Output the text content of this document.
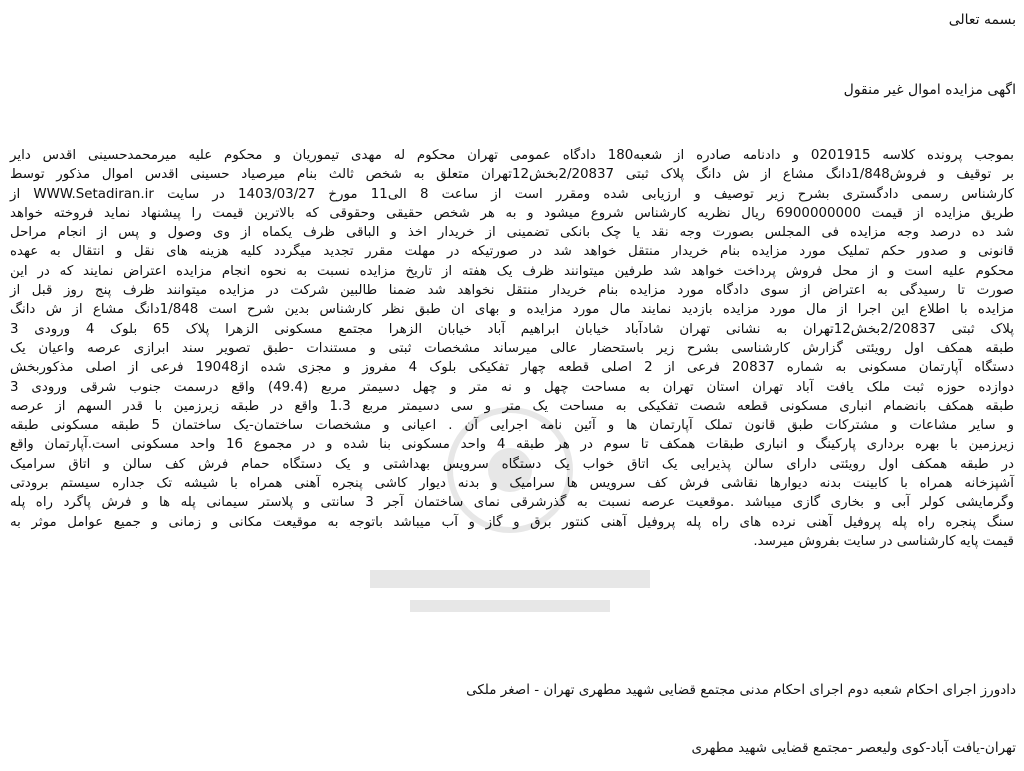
بسمه تعالی
اگهی مزایده اموال غیر منقول
بموجب پرونده کلاسه 0201915 و دادنامه صادره از شعبه180 دادگاه عمومی تهران محکوم له مهدی تیموریان و محکوم علیه میرمحمدحسینی اقدس دایر
بر توقیف و فروش1/848دانگ مشاع از ش دانگ پلاک ثبتی 2/20837بخش12تهران متعلق به شخص ثالث بنام میرصیاد حسینی اقدس اموال مذکور توسط
کارشناس رسمی دادگستری بشرح زیر توصیف و ارزیابی شده ومقرر است از ساعت 8 الی11 مورخ 1403/03/27 در سایت WWW.Setadiran.ir از
طریق مزایده از قیمت 6900000000 ریال نظریه کارشناس شروع میشود و به هر شخص حقیقی وحقوقی که بالاترین قیمت را پیشنهاد نماید فروخته خواهد
شد ده درصد وجه مزایده فی المجلس بصورت وجه نقد یا چک بانکی تضمینی از خریدار اخذ و الباقی ظرف یکماه از وی وصول و پس از انجام مراحل
قانونی و صدور حکم تملیک مورد مزایده بنام خریدار منتقل خواهد شد در صورتیکه در مهلت مقرر تجدید میگردد کلیه هزینه های نقل و انتقال به عهده
محکوم علیه است و از محل فروش پرداخت خواهد شد طرفین میتوانند ظرف یک هفته از تاریخ مزایده نسبت به نحوه انجام مزایده اعتراض نمایند که در این
صورت تا رسیدگی به اعتراض از سوی دادگاه مورد مزایده بنام خریدار منتقل نخواهد شد ضمنا طالبین شرکت در مزایده میتوانند ظرف پنج روز قبل از
مزایده با اطلاع این اجرا از مال مورد مزایده بازدید نمایند مال مورد مزایده و بهای ان طبق نظر کارشناس بدین شرح است 1/848دانگ مشاع از ش دانگ
پلاک ثبتی 2/20837بخش12تهران به نشانی تهران شادآباد خیابان ابراهیم آباد خیابان الزهرا مجتمع مسکونی الزهرا پلاک 65 بلوک 4 ورودی 3
طبقه همکف اول رویئتی گزارش کارشناسی بشرح زیر باستحضار عالی میرساند مشخصات ثبتی و مستندات -طبق تصویر سند ابرازی عرصه واعیان یک
دستگاه آپارتمان مسکونی به شماره 20837 فرعی از 2 اصلی قطعه چهار تفکیکی بلوک 4 مفروز و مجزی شده از19048 فرعی از اصلی مذکوربخش
دوازده حوزه ثبت ملک یافت آباد تهران استان تهران به مساحت چهل و نه متر و چهل دسیمتر مربع (49.4) واقع درسمت جنوب شرقی ورودی 3
طبقه همکف بانضمام انباری مسکونی قطعه شصت تفکیکی به مساحت یک متر و سی دسیمتر مربع 1.3 واقع در طبقه زیرزمین با قدر السهم از عرصه
و سایر مشاعات و مشترکات طبق قانون تملک آپارتمان ها و آئین نامه اجرایی آن . اعیانی و مشخصات ساختمان-یک ساختمان 5 طبقه مسکونی طبقه
زیرزمین با بهره برداری پارکینگ و انباری طبقات همکف تا سوم در هر طبقه 4 واحد مسکونی بنا شده و در مجموع 16 واحد مسکونی است.آپارتمان واقع
در طبقه همکف اول رویئتی دارای سالن پذیرایی یک اتاق خواب یک دستگاه سرویس بهداشتی و یک دستگاه حمام فرش کف سالن و اتاق سرامیک
آشپزخانه همراه با کابینت بدنه دیوارها نقاشی فرش کف سرویس ها سرامیک و بدنه دیوار کاشی پنجره آهنی همراه با شیشه تک جداره سیستم برودتی
وگرمایشی کولر آبی و بخاری گازی میباشد .موقعیت عرصه نسبت به گذرشرقی نمای ساختمان آجر 3 سانتی و پلاستر سیمانی پله ها و فرش پاگرد راه پله
سنگ پنجره راه پله پروفیل آهنی نرده های راه پله پروفیل آهنی کنتور برق و گاز و آب میباشد باتوجه به موقیعت مکانی و زمانی و جمیع عوامل موثر به
قیمت پایه کارشناسی در سایت بفروش میرسد.
دادورز اجرای احکام شعبه دوم اجرای احکام مدنی مجتمع قضایی شهید مطهری تهران - اصغر ملکی
تهران-یافت آباد-کوی ولیعصر -مجتمع قضایی شهید مطهری
